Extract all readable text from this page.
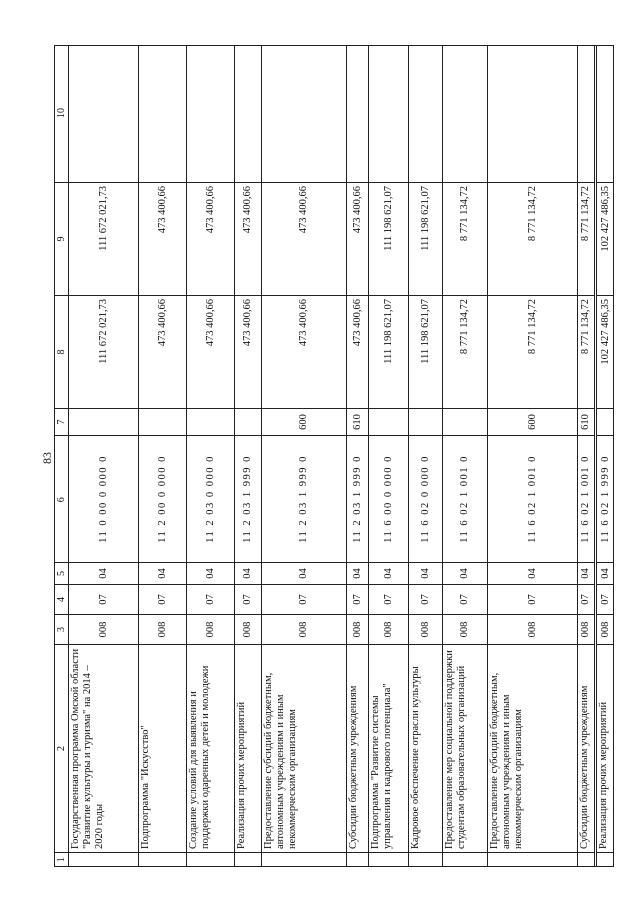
83
1
2
3
4
5
6
7
8
9
10
Государственная программа Омской области "Развитие культуры и туризма" на 2014 – 2020 годы
008
07
04
11 0 00 0 000 0
111 672 021,73
111 672 021,73
Подпрограмма "Искусство"
008
07
04
11 2 00 0 000 0
473 400,66
473 400,66
Создание условий для выявления и поддержки одаренных детей и молодежи
008
07
04
11 2 03 0 000 0
473 400,66
473 400,66
Реализация прочих мероприятий
008
07
04
11 2 03 1 999 0
473 400,66
473 400,66
Предоставление субсидий бюджетным, автономным учреждениям и иным некоммерческим организациям
008
07
04
11 2 03 1 999 0
600
473 400,66
473 400,66
Субсидии бюджетным учреждениям
008
07
04
11 2 03 1 999 0
610
473 400,66
473 400,66
Подпрограмма "Развитие системы управления и кадрового потенциала"
008
07
04
11 6 00 0 000 0
111 198 621,07
111 198 621,07
Кадровое обеспечение отрасли культуры
008
07
04
11 6 02 0 000 0
111 198 621,07
111 198 621,07
Предоставление мер социальной поддержки студентам образовательных организаций
008
07
04
11 6 02 1 001 0
8 771 134,72
8 771 134,72
Предоставление субсидий бюджетным, автономным учреждениям и иным некоммерческим организациям
008
07
04
11 6 02 1 001 0
600
8 771 134,72
8 771 134,72
Субсидии бюджетным учреждениям
008
07
04
11 6 02 1 001 0
610
8 771 134,72
8 771 134,72
Реализация прочих мероприятий
008
07
04
11 6 02 1 999 0
102 427 486,35
102 427 486,35
